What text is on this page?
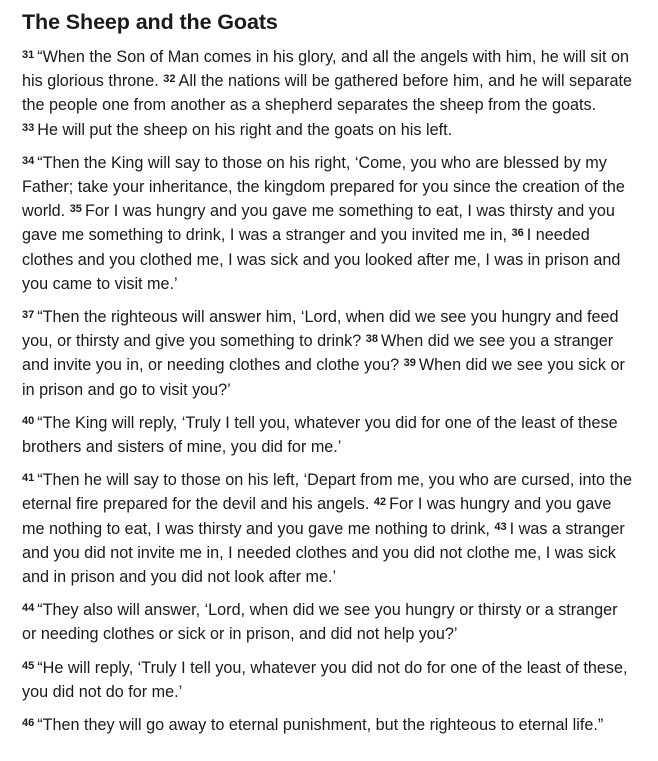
The Sheep and the Goats

$^{31}$ “When the Son of Man comes in his glory, and all the angels with him, he will sit on his glorious throne. $^{32}$ All the nations will be gathered before him, and he will separate the people one from another as a shepherd separates the sheep from the goats. $^{33}$ He will put the sheep on his right and the goats on his left.

$^{34}$ “Then the King will say to those on his right, ‘Come, you who are blessed by my Father; take your inheritance, the kingdom prepared for you since the creation of the world. $^{35}$ For I was hungry and you gave me something to eat, I was thirsty and you gave me something to drink, I was a stranger and you invited me in, $^{36}$ I needed clothes and you clothed me, I was sick and you looked after me, I was in prison and you came to visit me.’

$^{37}$ “Then the righteous will answer him, ‘Lord, when did we see you hungry and feed you, or thirsty and give you something to drink? $^{38}$ When did we see you a stranger and invite you in, or needing clothes and clothe you? $^{39}$ When did we see you sick or in prison and go to visit you?’

$^{40}$ “The King will reply, ‘Truly I tell you, whatever you did for one of the least of these brothers and sisters of mine, you did for me.’

$^{41}$ “Then he will say to those on his left, ‘Depart from me, you who are cursed, into the eternal fire prepared for the devil and his angels. $^{42}$ For I was hungry and you gave me nothing to eat, I was thirsty and you gave me nothing to drink, $^{43}$ I was a stranger and you did not invite me in, I needed clothes and you did not clothe me, I was sick and in prison and you did not look after me.’

$^{44}$ “They also will answer, ‘Lord, when did we see you hungry or thirsty or a stranger or needing clothes or sick or in prison, and did not help you?’

$^{45}$ “He will reply, ‘Truly I tell you, whatever you did not do for one of the least of these, you did not do for me.’

$^{46}$ “Then they will go away to eternal punishment, but the righteous to eternal life.”
